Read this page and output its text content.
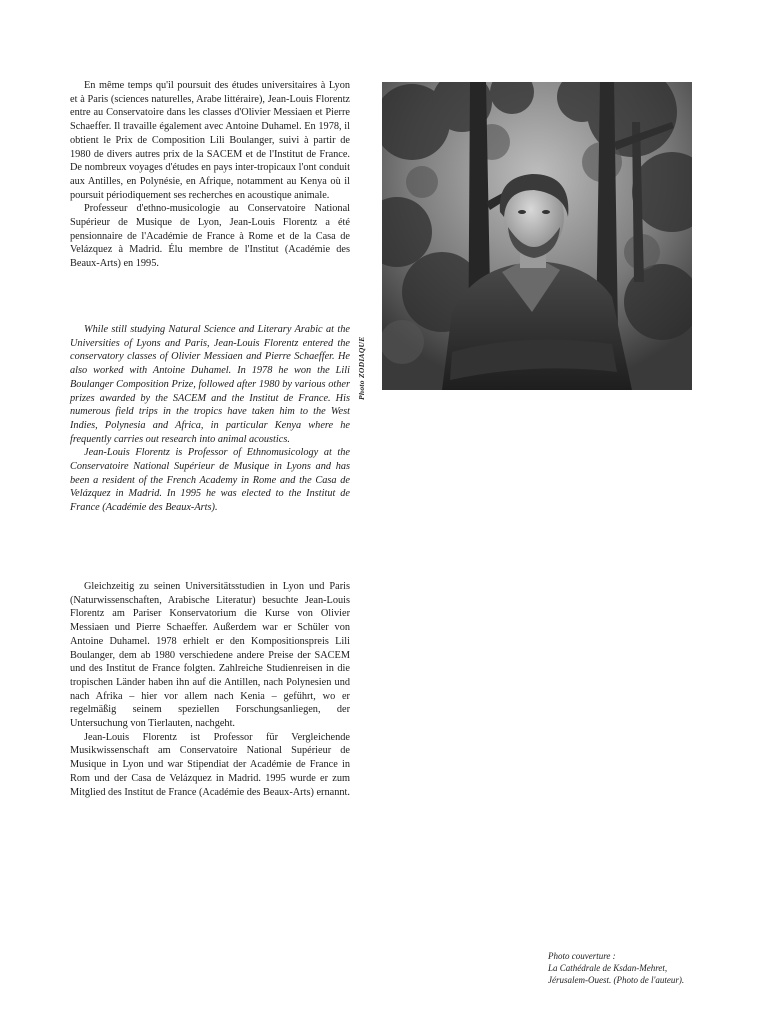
En même temps qu'il poursuit des études universitaires à Lyon et à Paris (sciences naturelles, Arabe littéraire), Jean-Louis Florentz entre au Conservatoire dans les classes d'Olivier Messiaen et Pierre Schaeffer. Il travaille également avec Antoine Duhamel. En 1978, il obtient le Prix de Composition Lili Boulanger, suivi à partir de 1980 de divers autres prix de la SACEM et de l'Institut de France. De nombreux voyages d'études en pays inter-tropicaux l'ont conduit aux Antilles, en Polynésie, en Afrique, notamment au Kenya où il poursuit périodiquement ses recherches en acoustique animale.

Professeur d'ethno-musicologie au Conservatoire National Supérieur de Musique de Lyon, Jean-Louis Florentz a été pensionnaire de l'Académie de France à Rome et de la Casa de Velázquez à Madrid. Élu membre de l'Institut (Académie des Beaux-Arts) en 1995.

While still studying Natural Science and Literary Arabic at the Universities of Lyons and Paris, Jean-Louis Florentz entered the conservatory classes of Olivier Messiaen and Pierre Schaeffer. He also worked with Antoine Duhamel. In 1978 he won the Lili Boulanger Composition Prize, followed after 1980 by various other prizes awarded by the SACEM and the Institut de France. His numerous field trips in the tropics have taken him to the West Indies, Polynesia and Africa, in particular Kenya where he frequently carries out research into animal acoustics.

Jean-Louis Florentz is Professor of Ethnomusicology at the Conservatoire National Supérieur de Musique in Lyons and has been a resident of the French Academy in Rome and the Casa de Velázquez in Madrid. In 1995 he was elected to the Institut de France (Académie des Beaux-Arts).

Gleichzeitig zu seinen Universitätsstudien in Lyon und Paris (Naturwissenschaften, Arabische Literatur) besuchte Jean-Louis Florentz am Pariser Konservatorium die Kurse von Olivier Messiaen und Pierre Schaeffer. Außerdem war er Schüler von Antoine Duhamel. 1978 erhielt er den Kompositionspreis Lili Boulanger, dem ab 1980 verschiedene andere Preise der SACEM und des Institut de France folgten. Zahlreiche Studienreisen in die tropischen Länder haben ihn auf die Antillen, nach Polynesien und nach Afrika – hier vor allem nach Kenia – geführt, wo er regelmäßig seinem speziellen Forschungsanliegen, der Untersuchung von Tierlauten, nachgeht.

Jean-Louis Florentz ist Professor für Vergleichende Musikwissenschaft am Conservatoire National Supérieur de Musique in Lyon und war Stipendiat der Académie de France in Rom und der Casa de Velázquez in Madrid. 1995 wurde er zum Mitglied des Institut de France (Académie des Beaux-Arts) ernannt.

Photo ZODIAQUE
Photo couverture :
La Cathédrale de Ksdan-Mehret,
Jérusalem-Ouest. (Photo de l'auteur).
